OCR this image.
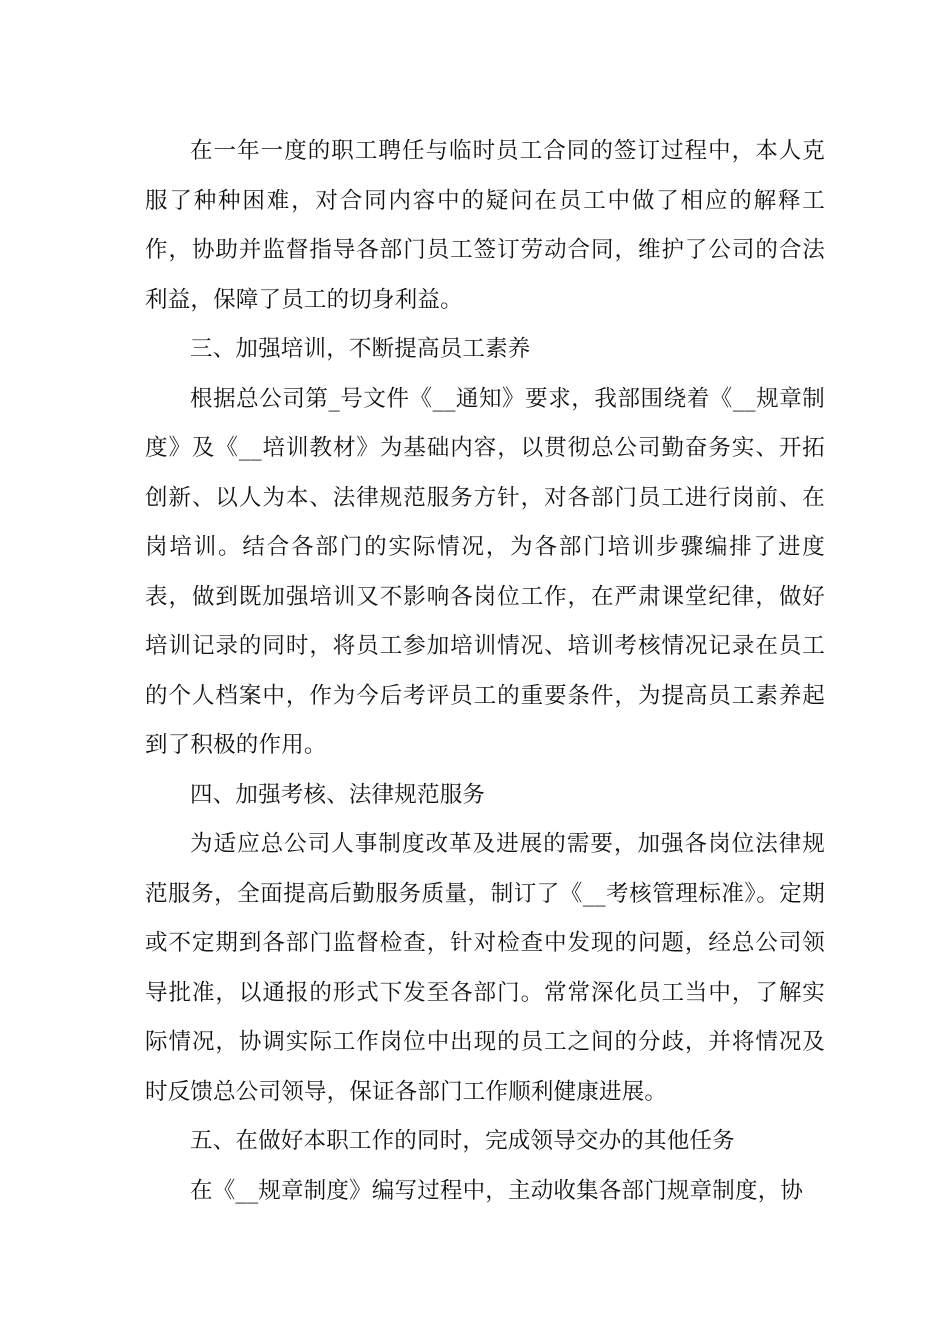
在一年一度的职工聘任与临时员工合同的签订过程中，本人克服了种种困难，对合同内容中的疑问在员工中做了相应的解释工作，协助并监督指导各部门员工签订劳动合同，维护了公司的合法利益，保障了员工的切身利益。

三、加强培训，不断提高员工素养

根据总公司第_号文件《__通知》要求，我部围绕着《__规章制度》及《__培训教材》为基础内容，以贯彻总公司勤奋务实、开拓创新、以人为本、法律规范服务方针，对各部门员工进行岗前、在岗培训。结合各部门的实际情况，为各部门培训步骤编排了进度表，做到既加强培训又不影响各岗位工作，在严肃课堂纪律，做好培训记录的同时，将员工参加培训情况、培训考核情况记录在员工的个人档案中，作为今后考评员工的重要条件，为提高员工素养起到了积极的作用。

四、加强考核、法律规范服务

为适应总公司人事制度改革及进展的需要，加强各岗位法律规范服务，全面提高后勤服务质量，制订了《__考核管理标准》。定期或不定期到各部门监督检查，针对检查中发现的问题，经总公司领导批准，以通报的形式下发至各部门。常常深化员工当中，了解实际情况，协调实际工作岗位中出现的员工之间的分歧，并将情况及时反馈总公司领导，保证各部门工作顺利健康进展。

五、在做好本职工作的同时，完成领导交办的其他任务

在《__规章制度》编写过程中，主动收集各部门规章制度，协
